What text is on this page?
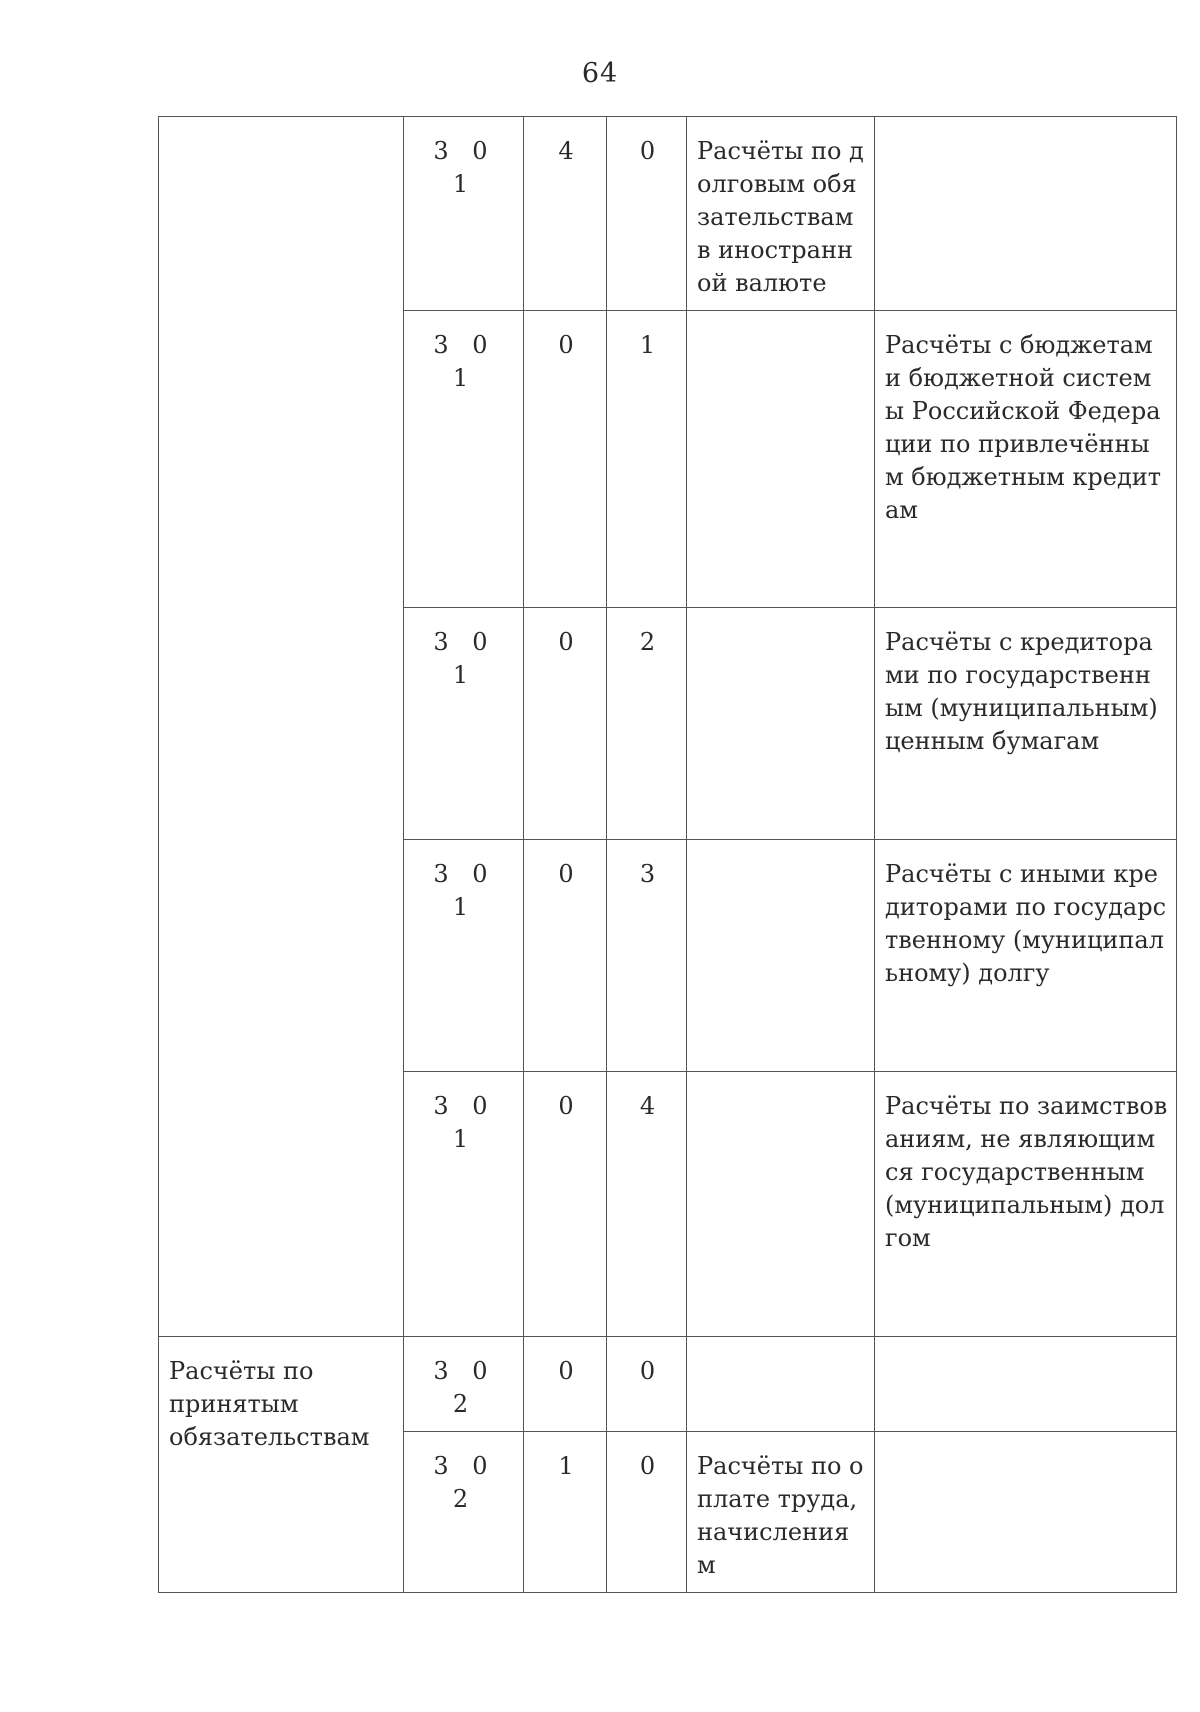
64
	3 0 1	4	0	Расчёты по долговым обязательствам в иностранной валюте	
	3 0 1	0	1		Расчёты с бюджетами бюджетной системы Российской Федерации по привлечённым бюджетным кредитам
	3 0 1	0	2		Расчёты с кредиторами по государственным (муниципальным) ценным бумагам
	3 0 1	0	3		Расчёты с иными кредиторами по государственному (муниципальному) долгу
	3 0 1	0	4		Расчёты по заимствованиям, не являющимся государственным (муниципальным) долгом
Расчёты по принятым обязательствам	3 0 2	0	0		
	3 0 2	1	0	Расчёты по оплате труда, начислениям	
